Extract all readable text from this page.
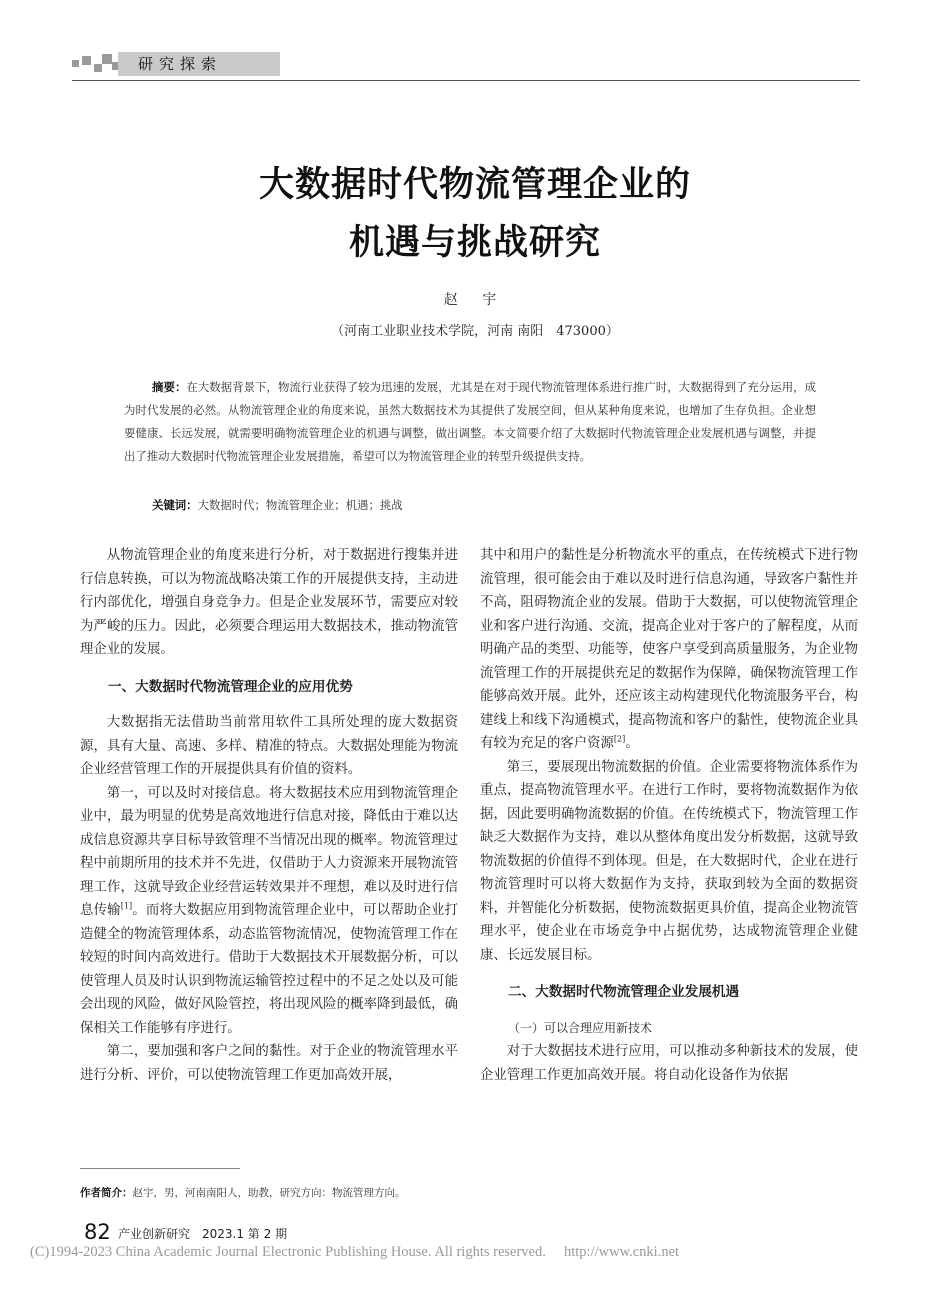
研究探索
大数据时代物流管理企业的
机遇与挑战研究
赵 宇
（河南工业职业技术学院，河南 南阳　473000）
摘要：在大数据背景下，物流行业获得了较为迅速的发展，尤其是在对于现代物流管理体系进行推广时，大数据得到了充分运用，成为时代发展的必然。从物流管理企业的角度来说，虽然大数据技术为其提供了发展空间，但从某种角度来说，也增加了生存负担。企业想要健康、长远发展，就需要明确物流管理企业的机遇与调整，做出调整。本文简要介绍了大数据时代物流管理企业发展机遇与调整，并提出了推动大数据时代物流管理企业发展措施，希望可以为物流管理企业的转型升级提供支持。
关键词：大数据时代；物流管理企业；机遇；挑战

从物流管理企业的角度来进行分析，对于数据进行搜集并进行信息转换，可以为物流战略决策工作的开展提供支持，主动进行内部优化，增强自身竞争力。但是企业发展环节，需要应对较为严峻的压力。因此，必须要合理运用大数据技术，推动物流管理企业的发展。

一、大数据时代物流管理企业的应用优势

大数据指无法借助当前常用软件工具所处理的庞大数据资源，具有大量、高速、多样、精准的特点。大数据处理能为物流企业经营管理工作的开展提供具有价值的资料。

第一，可以及时对接信息。将大数据技术应用到物流管理企业中，最为明显的优势是高效地进行信息对接，降低由于难以达成信息资源共享目标导致管理不当情况出现的概率。物流管理过程中前期所用的技术并不先进，仅借助于人力资源来开展物流管理工作，这就导致企业经营运转效果并不理想，难以及时进行信息传输[1]。而将大数据应用到物流管理企业中，可以帮助企业打造健全的物流管理体系，动态监管物流情况，使物流管理工作在较短的时间内高效进行。借助于大数据技术开展数据分析，可以使管理人员及时认识到物流运输管控过程中的不足之处以及可能会出现的风险，做好风险管控，将出现风险的概率降到最低，确保相关工作能够有序进行。

第二，要加强和客户之间的黏性。对于企业的物流管理水平进行分析、评价，可以使物流管理工作更加高效开展，

其中和用户的黏性是分析物流水平的重点，在传统模式下进行物流管理，很可能会由于难以及时进行信息沟通，导致客户黏性并不高，阻碍物流企业的发展。借助于大数据，可以使物流管理企业和客户进行沟通、交流，提高企业对于客户的了解程度，从而明确产品的类型、功能等，使客户享受到高质量服务，为企业物流管理工作的开展提供充足的数据作为保障，确保物流管理工作能够高效开展。此外，还应该主动构建现代化物流服务平台，构建线上和线下沟通模式，提高物流和客户的黏性，使物流企业具有较为充足的客户资源[2]。

第三，要展现出物流数据的价值。企业需要将物流体系作为重点，提高物流管理水平。在进行工作时，要将物流数据作为依据，因此要明确物流数据的价值。在传统模式下，物流管理工作缺乏大数据作为支持，难以从整体角度出发分析数据，这就导致物流数据的价值得不到体现。但是，在大数据时代，企业在进行物流管理时可以将大数据作为支持，获取到较为全面的数据资料，并智能化分析数据，使物流数据更具价值，提高企业物流管理水平，使企业在市场竞争中占据优势，达成物流管理企业健康、长远发展目标。

二、大数据时代物流管理企业发展机遇

（一）可以合理应用新技术

对于大数据技术进行应用，可以推动多种新技术的发展，使企业管理工作更加高效开展。将自动化设备作为依据

作者简介：赵宇，男，河南南阳人，助教，研究方向：物流管理方向。
82 产业创新研究　2023.1 第 2 期
(C)1994-2023 China Academic Journal Electronic Publishing House. All rights reserved.　 http://www.cnki.net
